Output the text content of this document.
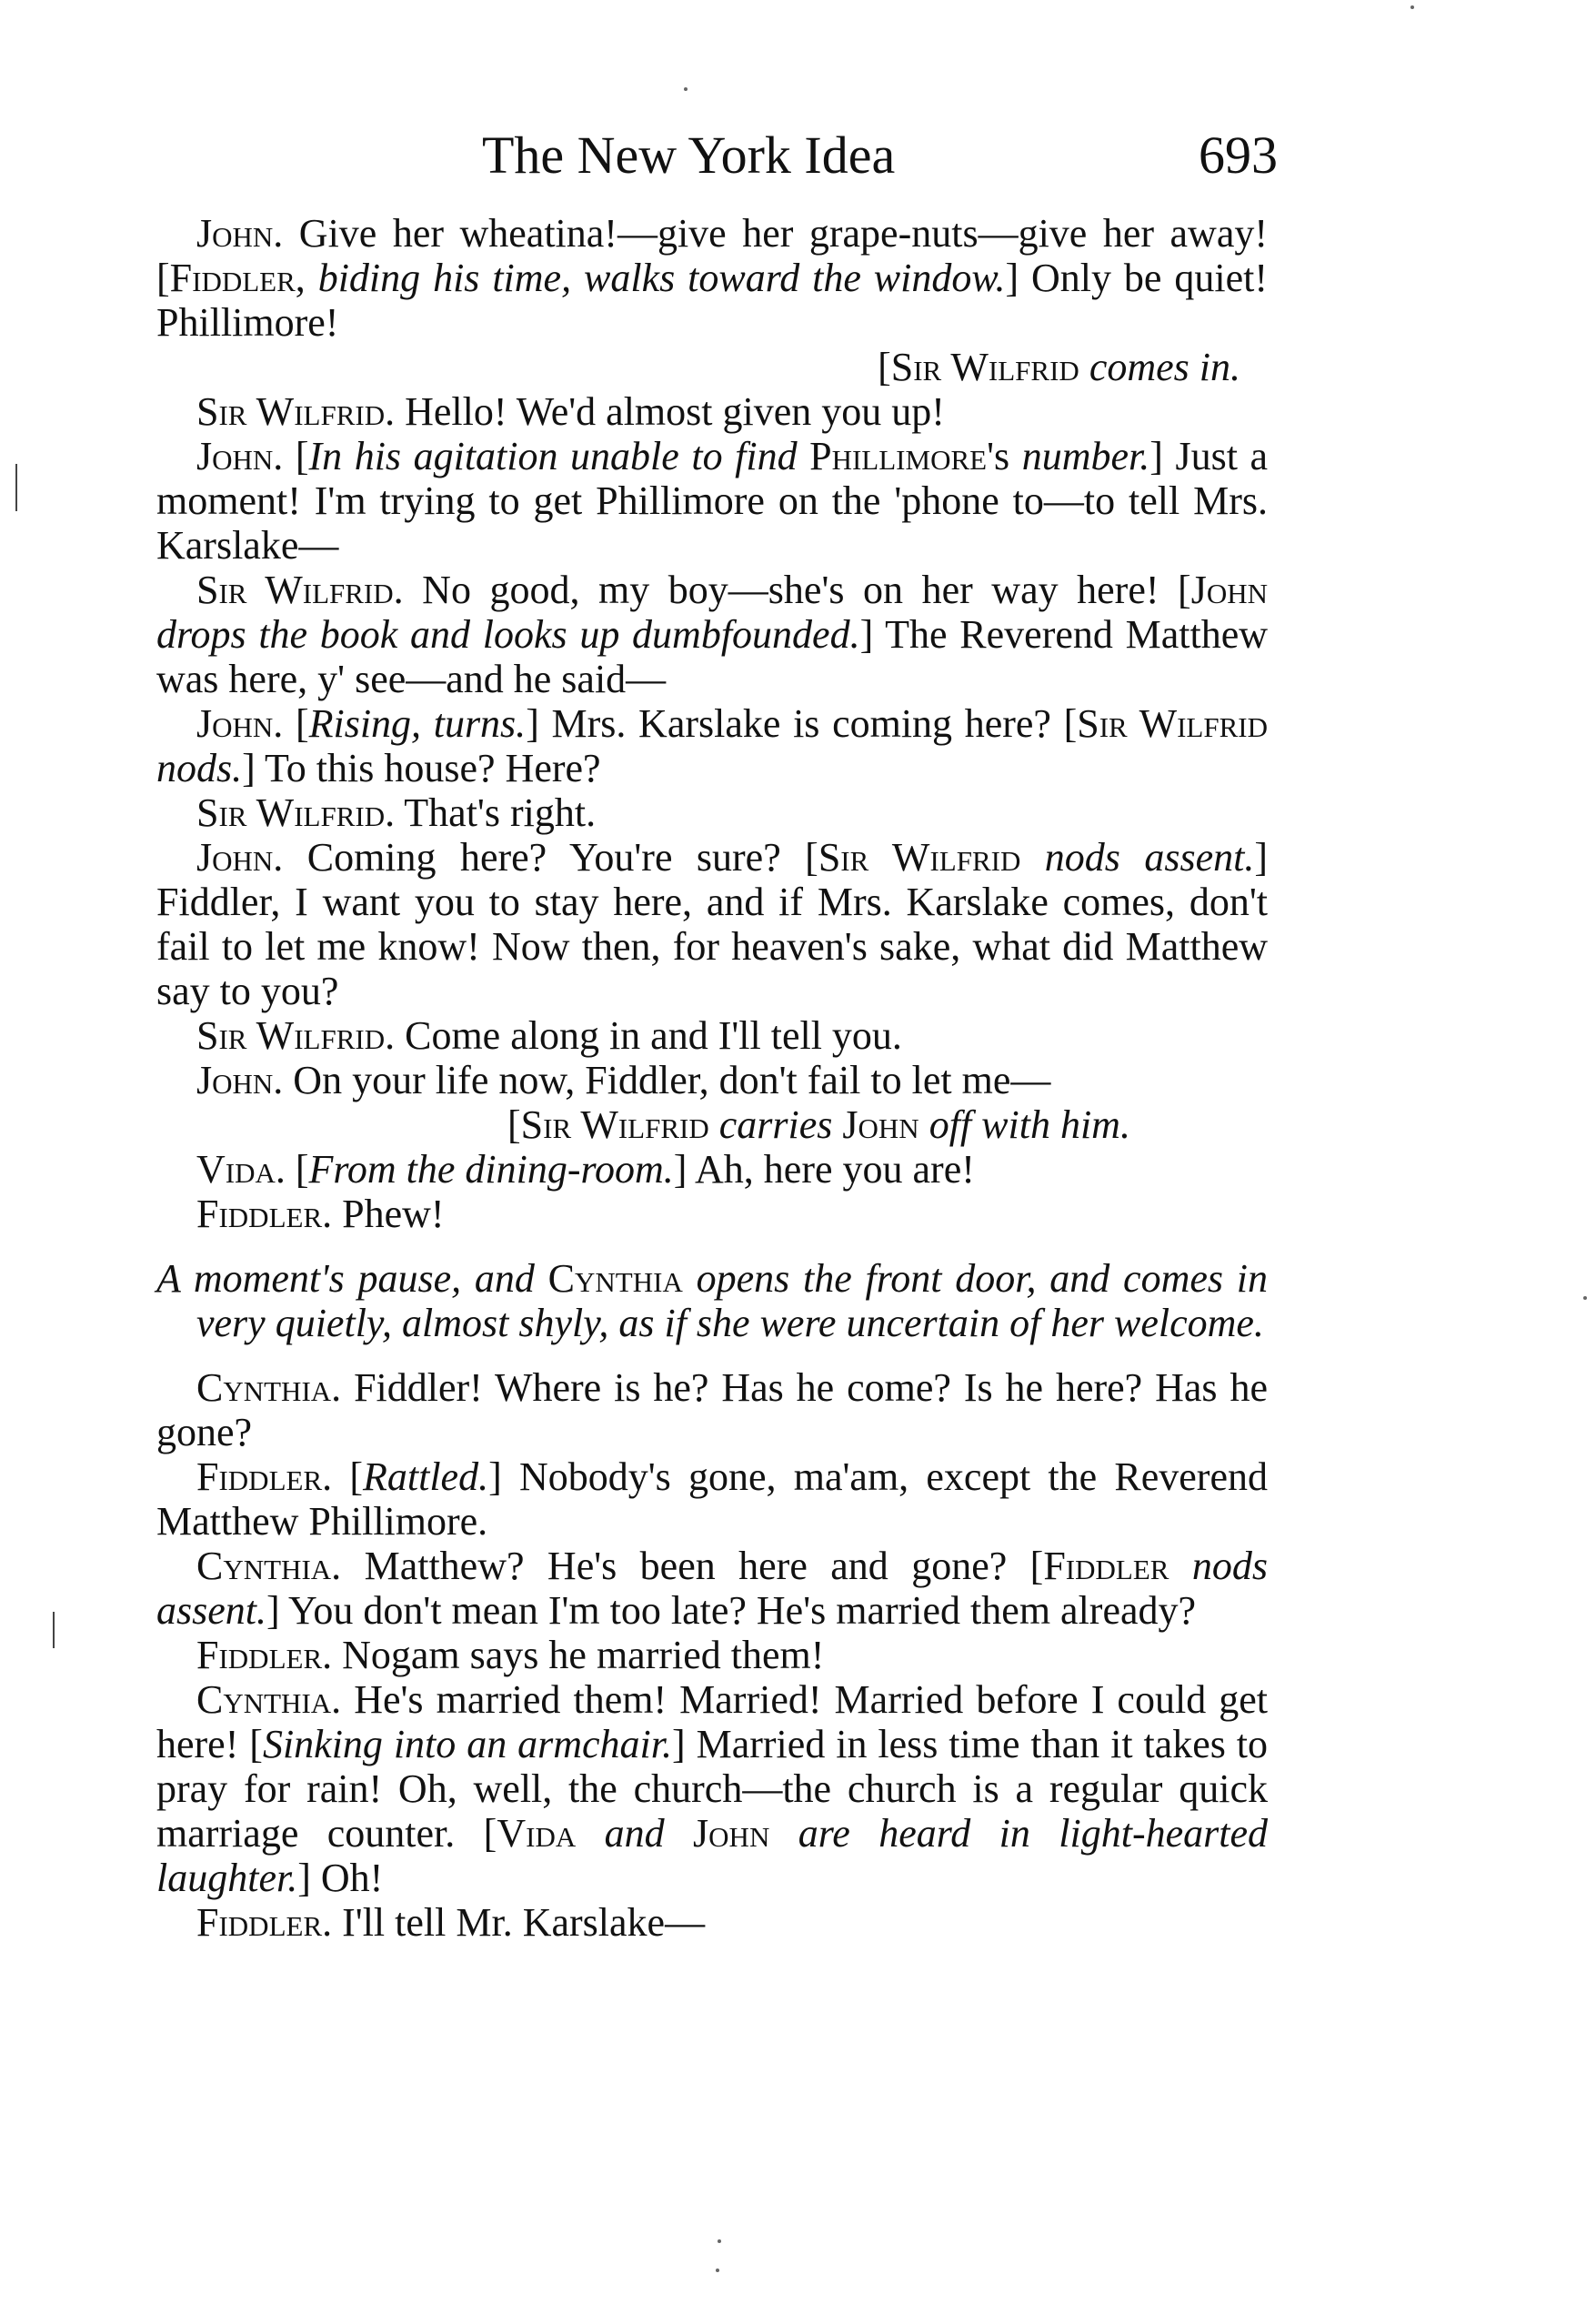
The New York Idea	693

John. Give her wheatina!—give her grape-nuts—give her away! [Fiddler, biding his time, walks toward the window.] Only be quiet! Phillimore!

[Sir Wilfrid comes in.

Sir Wilfrid. Hello! We'd almost given you up!

John. [In his agitation unable to find Phillimore's number.] Just a moment! I'm trying to get Phillimore on the 'phone to—to tell Mrs. Karslake—

Sir Wilfrid. No good, my boy—she's on her way here! [John drops the book and looks up dumbfounded.] The Reverend Matthew was here, y' see—and he said—

John. [Rising, turns.] Mrs. Karslake is coming here? [Sir Wilfrid nods.] To this house? Here?

Sir Wilfrid. That's right.

John. Coming here? You're sure? [Sir Wilfrid nods assent.] Fiddler, I want you to stay here, and if Mrs. Karslake comes, don't fail to let me know! Now then, for heaven's sake, what did Matthew say to you?

Sir Wilfrid. Come along in and I'll tell you.

John. On your life now, Fiddler, don't fail to let me—

[Sir Wilfrid carries John off with him.

Vida. [From the dining-room.] Ah, here you are!

Fiddler. Phew!

A moment's pause, and Cynthia opens the front door, and comes in very quietly, almost shyly, as if she were uncertain of her welcome.

Cynthia. Fiddler! Where is he? Has he come? Is he here? Has he gone?

Fiddler. [Rattled.] Nobody's gone, ma'am, except the Reverend Matthew Phillimore.

Cynthia. Matthew? He's been here and gone? [Fiddler nods assent.] You don't mean I'm too late? He's married them already?

Fiddler. Nogam says he married them!

Cynthia. He's married them! Married! Married before I could get here! [Sinking into an armchair.] Married in less time than it takes to pray for rain! Oh, well, the church—the church is a regular quick marriage counter. [Vida and John are heard in light-hearted laughter.] Oh!

Fiddler. I'll tell Mr. Karslake—
